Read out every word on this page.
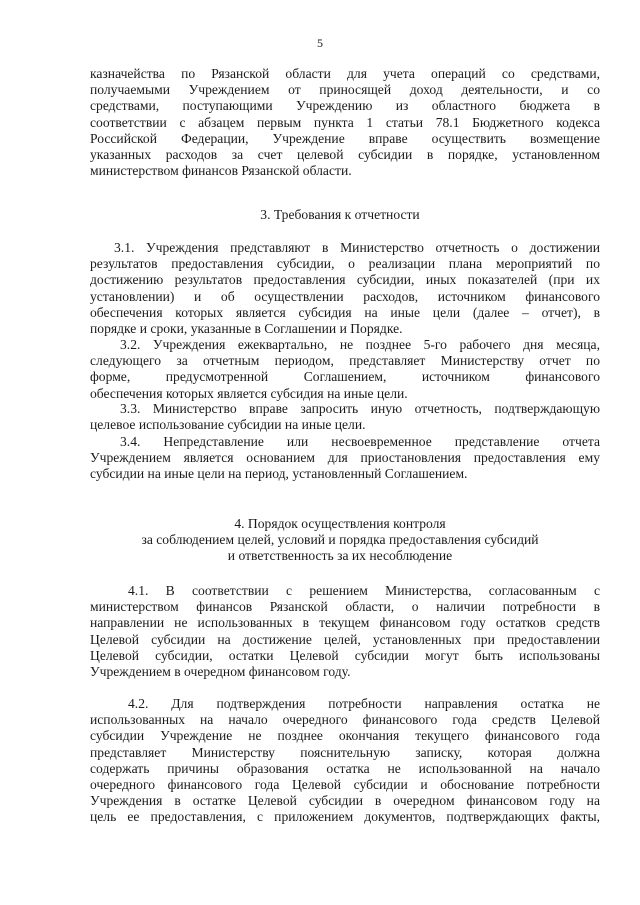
5
казначейства по Рязанской области для учета операций со средствами,
получаемыми Учреждением от приносящей доход деятельности, и со
средствами, поступающими Учреждению из областного бюджета в
соответствии с абзацем первым пункта 1 статьи 78.1 Бюджетного кодекса
Российской Федерации, Учреждение вправе осуществить возмещение
указанных расходов за счет целевой субсидии в порядке, установленном
министерством финансов Рязанской области.
3. Требования к отчетности
3.1. Учреждения представляют в Министерство отчетность о достижении
результатов предоставления субсидии, о реализации плана мероприятий по
достижению результатов предоставления субсидии, иных показателей (при их
установлении) и об осуществлении расходов, источником финансового
обеспечения которых является субсидия на иные цели (далее – отчет), в
порядке и сроки, указанные в Соглашении и Порядке.
3.2. Учреждения ежеквартально, не позднее 5-го рабочего дня месяца,
следующего за отчетным периодом, представляет Министерству отчет по
форме, предусмотренной Соглашением, источником финансового
обеспечения которых является субсидия на иные цели.
3.3. Министерство вправе запросить иную отчетность, подтверждающую
целевое использование субсидии на иные цели.
3.4. Непредставление или несвоевременное представление отчета
Учреждением является основанием для приостановления предоставления ему
субсидии на иные цели на период, установленный Соглашением.
4. Порядок осуществления контроля
за соблюдением целей, условий и порядка предоставления субсидий
и ответственность за их несоблюдение
4.1. В соответствии с решением Министерства, согласованным с
министерством финансов Рязанской области, о наличии потребности в
направлении не использованных в текущем финансовом году остатков средств
Целевой субсидии на достижение целей, установленных при предоставлении
Целевой субсидии, остатки Целевой субсидии могут быть использованы
Учреждением в очередном финансовом году.
4.2. Для подтверждения потребности направления остатка не
использованных на начало очередного финансового года средств Целевой
субсидии Учреждение не позднее окончания текущего финансового года
представляет Министерству пояснительную записку, которая должна
содержать причины образования остатка не использованной на начало
очередного финансового года Целевой субсидии и обоснование потребности
Учреждения в остатке Целевой субсидии в очередном финансовом году на
цель ее предоставления, с приложением документов, подтверждающих факты,
